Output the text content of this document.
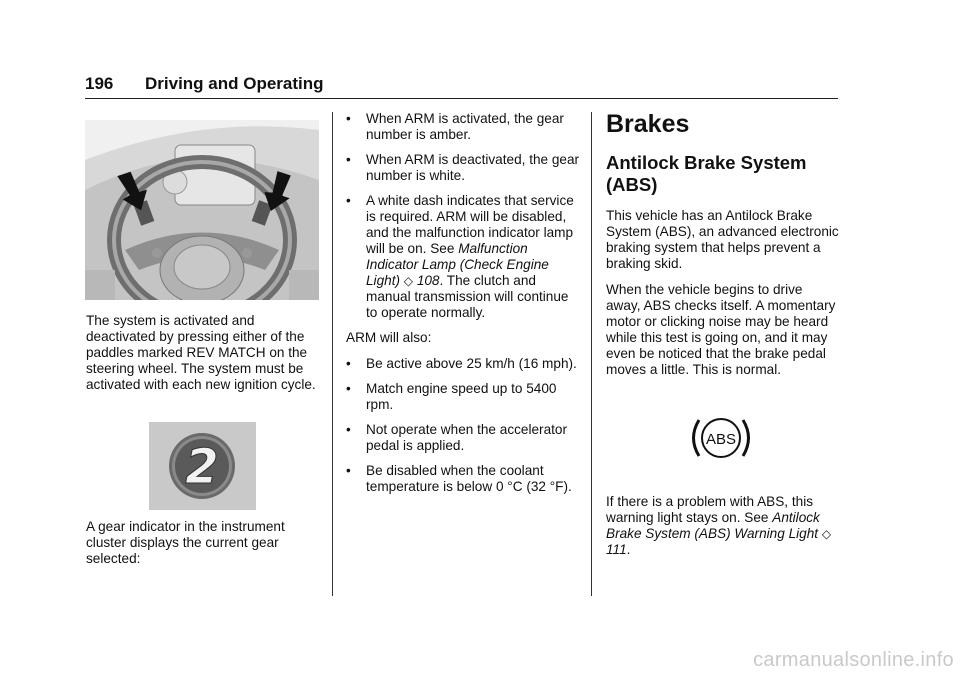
196 Driving and Operating

The system is activated and deactivated by pressing either of the paddles marked REV MATCH on the steering wheel. The system must be activated with each new ignition cycle.

2

A gear indicator in the instrument cluster displays the current gear selected:

• When ARM is activated, the gear number is amber.
• When ARM is deactivated, the gear number is white.
• A white dash indicates that service is required. ARM will be disabled, and the malfunction indicator lamp will be on. See Malfunction Indicator Lamp (Check Engine Light) ◇ 108. The clutch and manual transmission will continue to operate normally.

ARM will also:

• Be active above 25 km/h (16 mph).
• Match engine speed up to 5400 rpm.
• Not operate when the accelerator pedal is applied.
• Be disabled when the coolant temperature is below 0 °C (32 °F).
Brakes
Antilock Brake System (ABS)

This vehicle has an Antilock Brake System (ABS), an advanced electronic braking system that helps prevent a braking skid.

When the vehicle begins to drive away, ABS checks itself. A momentary motor or clicking noise may be heard while this test is going on, and it may even be noticed that the brake pedal moves a little. This is normal.

ABS

If there is a problem with ABS, this warning light stays on. See Antilock Brake System (ABS) Warning Light ◇ 111.

carmanualsonline.info
